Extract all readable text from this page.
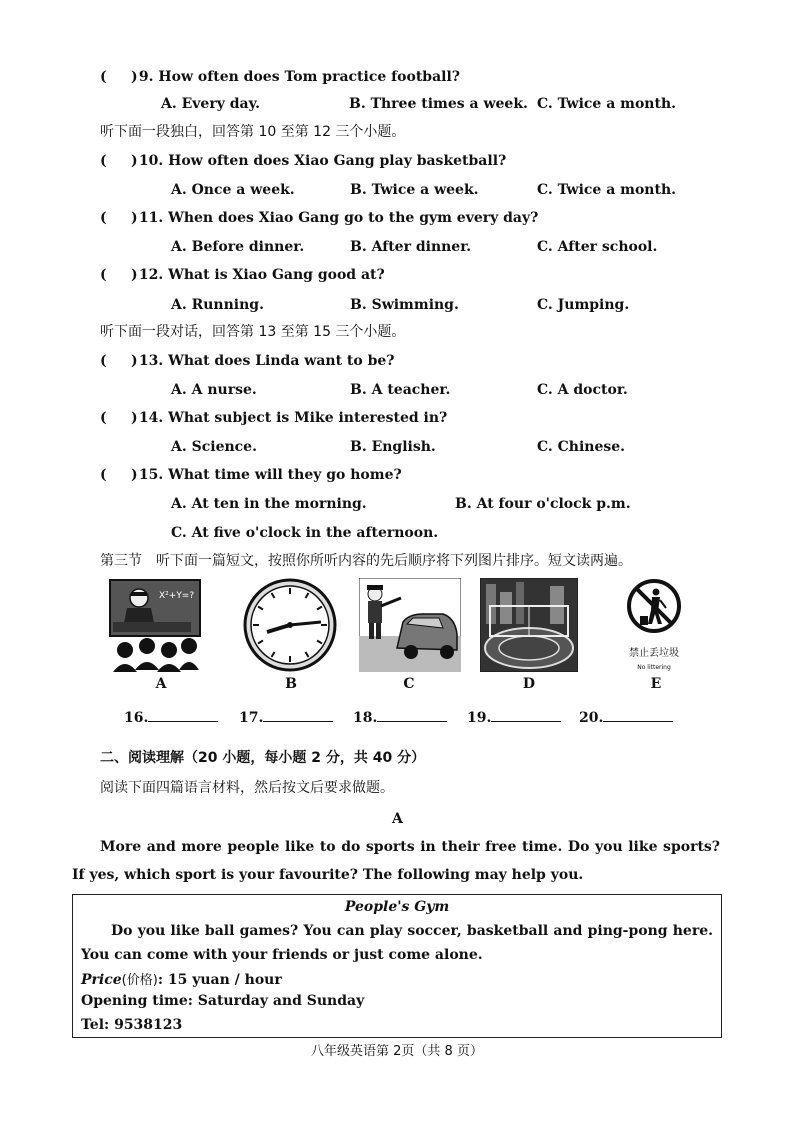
( ) 9. How often does Tom practice football?
A. Every day.	B. Three times a week. C. Twice a month.
听下面一段独白，回答第 10 至第 12 三个小题。
( ) 10. How often does Xiao Gang play basketball?
A. Once a week.	B. Twice a week.	C. Twice a month.
( ) 11. When does Xiao Gang go to the gym every day?
A. Before dinner.	B. After dinner.	C. After school.
( ) 12. What is Xiao Gang good at?
A. Running.	B. Swimming.	C. Jumping.
听下面一段对话，回答第 13 至第 15 三个小题。
( ) 13. What does Linda want to be?
A. A nurse.	B. A teacher.	C. A doctor.
( ) 14. What subject is Mike interested in?
A. Science.	B. English.	C. Chinese.
( ) 15. What time will they go home?
A. At ten in the morning.	B. At four o'clock p.m.
C. At five o'clock in the afternoon.
第三节　听下面一篇短文，按照你所听内容的先后顺序将下列图片排序。短文读两遍。
X²+Y=?
A	B	C	D
禁止丢垃圾
No littering
E
16.	17.	18.	19.	20.
二、阅读理解（20 小题，每小题 2 分，共 40 分）
阅读下面四篇语言材料，然后按文后要求做题。
A
More and more people like to do sports in their free time. Do you like sports? If yes, which sport is your favourite? The following may help you.
People's Gym
Do you like ball games? You can play soccer, basketball and ping-pong here. You can come with your friends or just come alone.
Price(价格): 15 yuan / hour
Opening time: Saturday and Sunday
Tel: 9538123
八年级英语第 2页（共 8 页）
